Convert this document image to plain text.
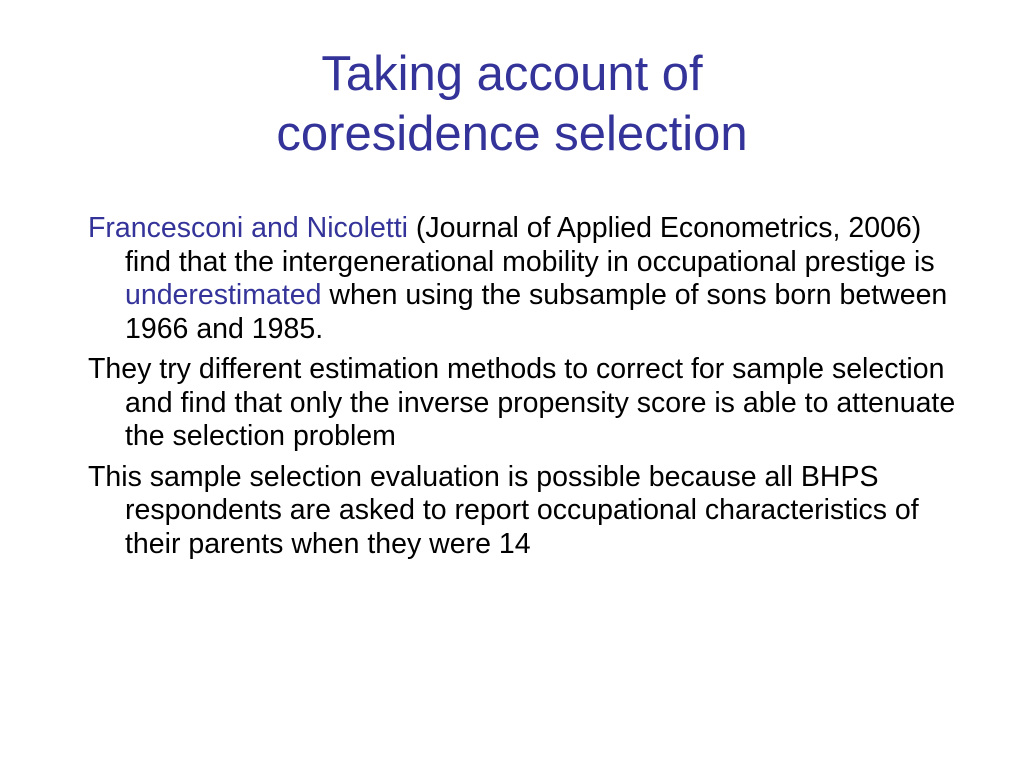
Taking account of
coresidence selection
Francesconi and Nicoletti (Journal of Applied Econometrics, 2006) find that the intergenerational mobility in occupational prestige is underestimated when using the subsample of sons born between 1966 and 1985.
They try different estimation methods to correct for sample selection and find that only the inverse propensity score is able to attenuate the selection problem
This sample selection evaluation is possible because all BHPS respondents are asked to report occupational characteristics of their parents when they were 14
